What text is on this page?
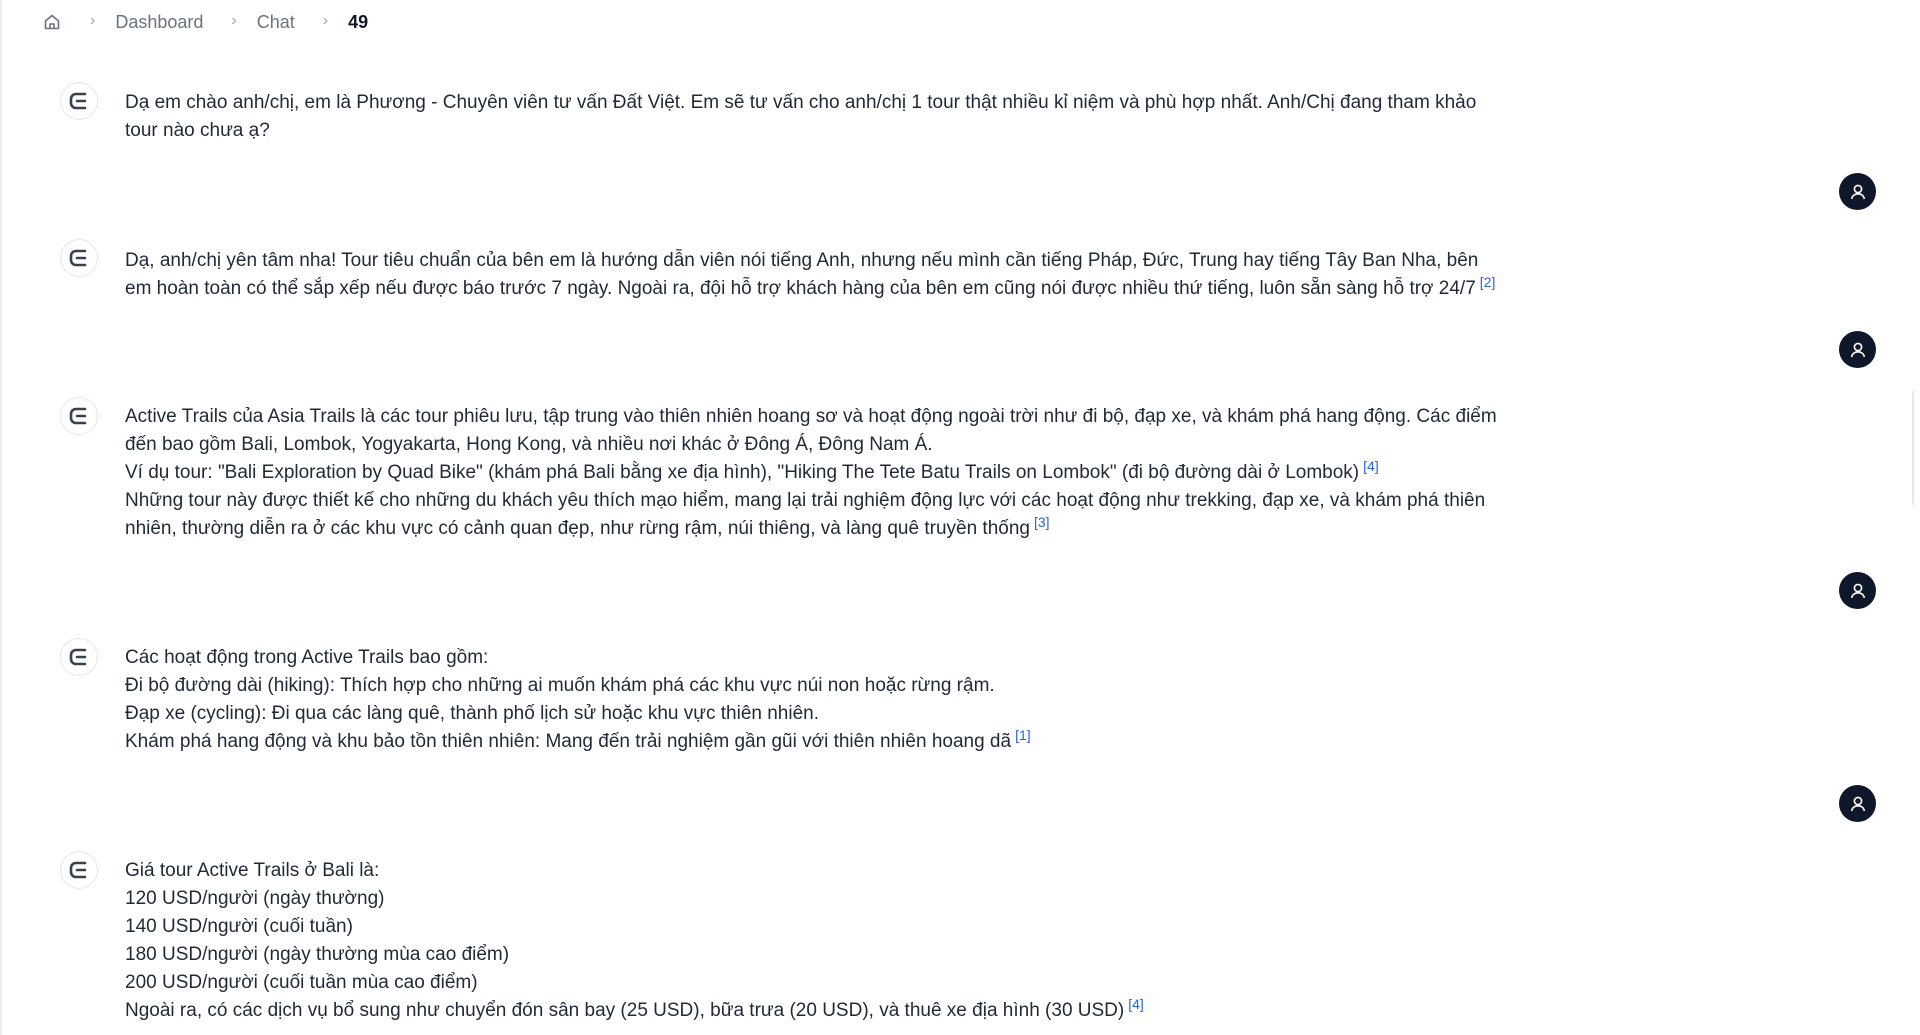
› Dashboard › Chat › 49
Dạ em chào anh/chị, em là Phương - Chuyên viên tư vấn Đất Việt. Em sẽ tư vấn cho anh/chị 1 tour thật nhiều kỉ niệm và phù hợp nhất. Anh/Chị đang tham khảo
tour nào chưa ạ?
Dạ, anh/chị yên tâm nha! Tour tiêu chuẩn của bên em là hướng dẫn viên nói tiếng Anh, nhưng nếu mình cần tiếng Pháp, Đức, Trung hay tiếng Tây Ban Nha, bên
em hoàn toàn có thể sắp xếp nếu được báo trước 7 ngày. Ngoài ra, đội hỗ trợ khách hàng của bên em cũng nói được nhiều thứ tiếng, luôn sẵn sàng hỗ trợ 24/7 [2]
Active Trails của Asia Trails là các tour phiêu lưu, tập trung vào thiên nhiên hoang sơ và hoạt động ngoài trời như đi bộ, đạp xe, và khám phá hang động. Các điểm
đến bao gồm Bali, Lombok, Yogyakarta, Hong Kong, và nhiều nơi khác ở Đông Á, Đông Nam Á.
Ví dụ tour: "Bali Exploration by Quad Bike" (khám phá Bali bằng xe địa hình), "Hiking The Tete Batu Trails on Lombok" (đi bộ đường dài ở Lombok) [4]
Những tour này được thiết kế cho những du khách yêu thích mạo hiểm, mang lại trải nghiệm động lực với các hoạt động như trekking, đạp xe, và khám phá thiên
nhiên, thường diễn ra ở các khu vực có cảnh quan đẹp, như rừng rậm, núi thiêng, và làng quê truyền thống [3]
Các hoạt động trong Active Trails bao gồm:
Đi bộ đường dài (hiking): Thích hợp cho những ai muốn khám phá các khu vực núi non hoặc rừng rậm.
Đạp xe (cycling): Đi qua các làng quê, thành phố lịch sử hoặc khu vực thiên nhiên.
Khám phá hang động và khu bảo tồn thiên nhiên: Mang đến trải nghiệm gần gũi với thiên nhiên hoang dã [1]
Giá tour Active Trails ở Bali là:
120 USD/người (ngày thường)
140 USD/người (cuối tuần)
180 USD/người (ngày thường mùa cao điểm)
200 USD/người (cuối tuần mùa cao điểm)
Ngoài ra, có các dịch vụ bổ sung như chuyển đón sân bay (25 USD), bữa trưa (20 USD), và thuê xe địa hình (30 USD) [4]
